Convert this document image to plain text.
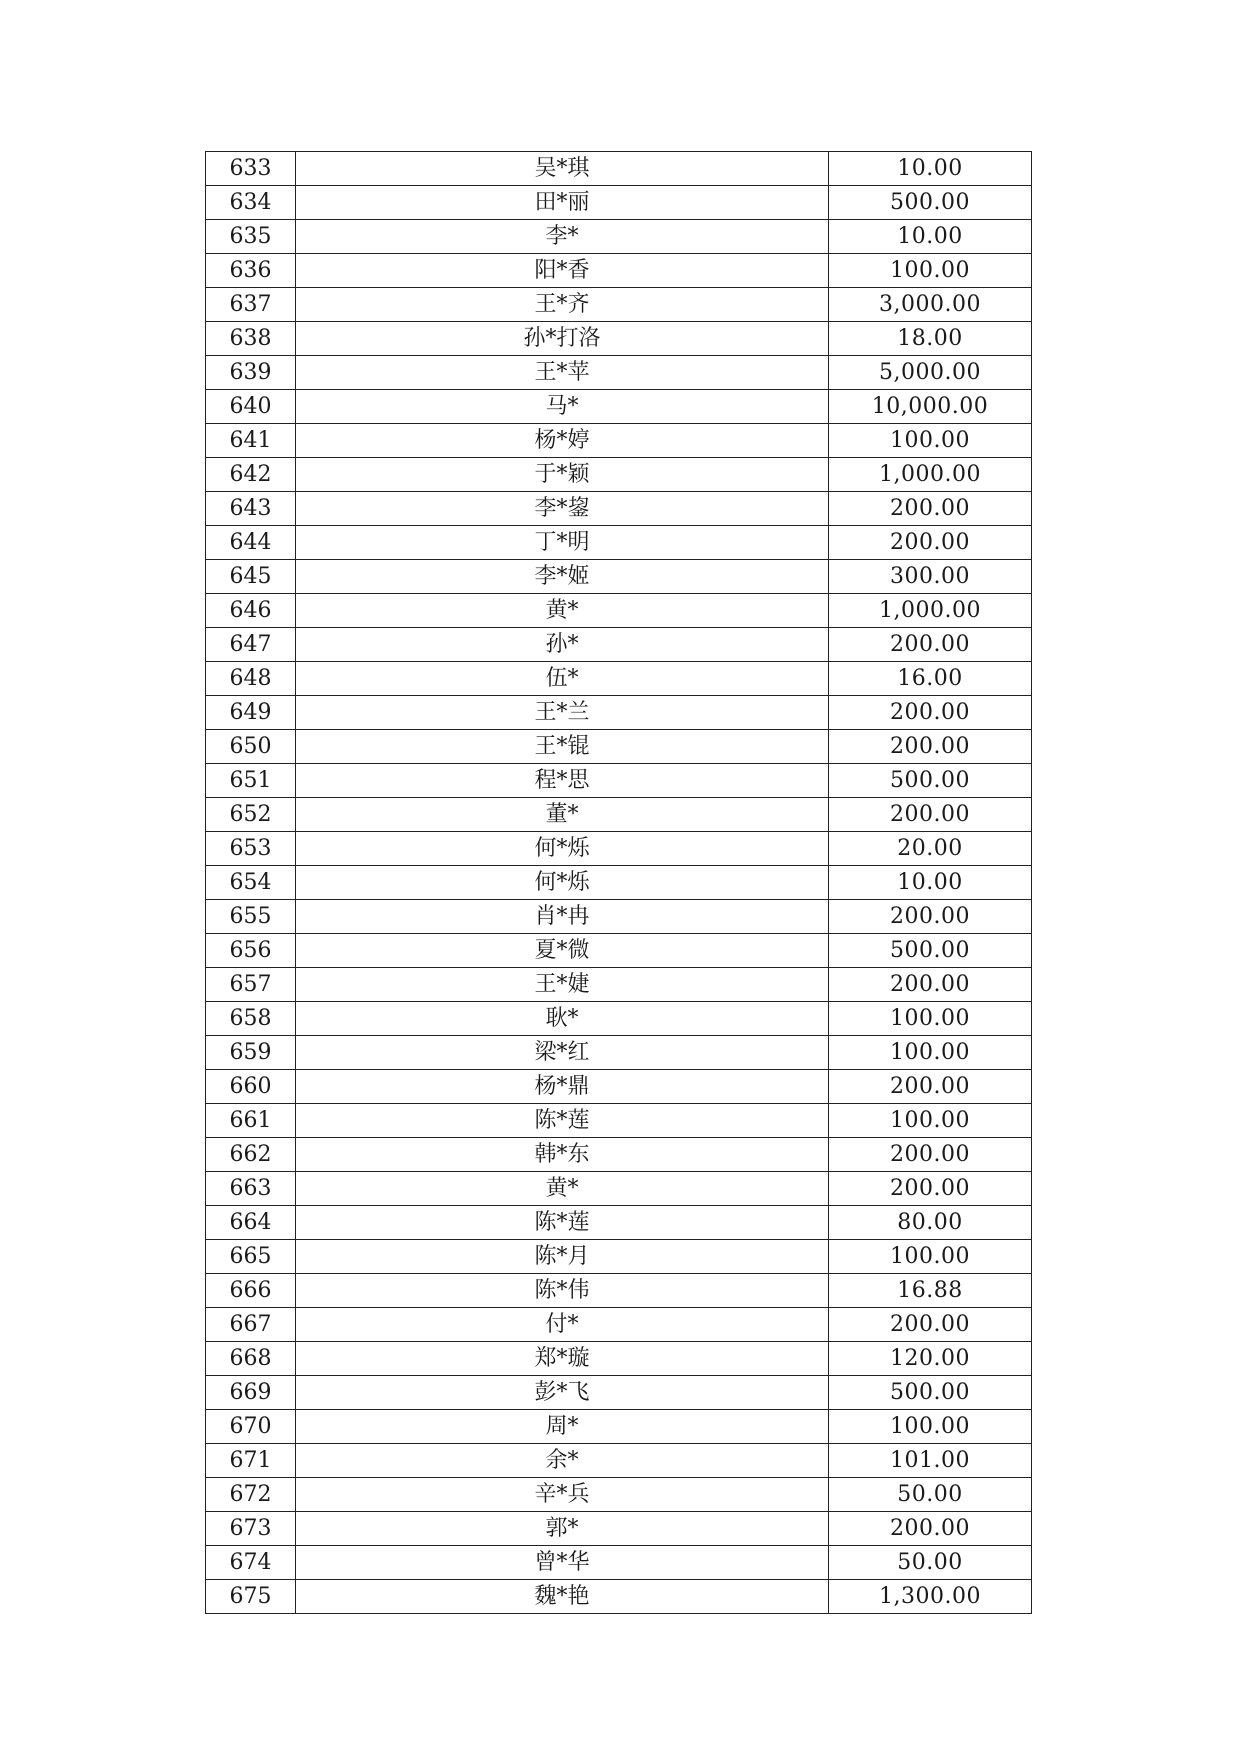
633	吴*琪	10.00
634	田*丽	500.00
635	李*	10.00
636	阳*香	100.00
637	王*齐	3,000.00
638	孙*打洛	18.00
639	王*苹	5,000.00
640	马*	10,000.00
641	杨*婷	100.00
642	于*颖	1,000.00
643	李*鋆	200.00
644	丁*明	200.00
645	李*姬	300.00
646	黄*	1,000.00
647	孙*	200.00
648	伍*	16.00
649	王*兰	200.00
650	王*锟	200.00
651	程*思	500.00
652	董*	200.00
653	何*烁	20.00
654	何*烁	10.00
655	肖*冉	200.00
656	夏*微	500.00
657	王*婕	200.00
658	耿*	100.00
659	梁*红	100.00
660	杨*鼎	200.00
661	陈*莲	100.00
662	韩*东	200.00
663	黄*	200.00
664	陈*莲	80.00
665	陈*月	100.00
666	陈*伟	16.88
667	付*	200.00
668	郑*璇	120.00
669	彭*飞	500.00
670	周*	100.00
671	余*	101.00
672	辛*兵	50.00
673	郭*	200.00
674	曾*华	50.00
675	魏*艳	1,300.00
